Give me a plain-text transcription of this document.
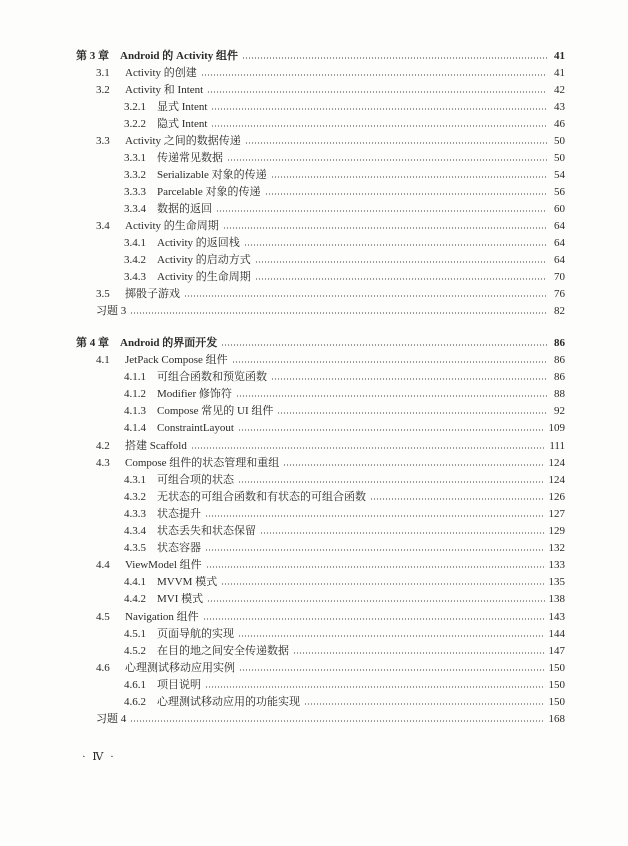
第 3 章	Android 的 Activity 组件	41
3.1	Activity 的创建	41
3.2	Activity 和 Intent	42
3.2.1	显式 Intent	43
3.2.2	隐式 Intent	46
3.3	Activity 之间的数据传递	50
3.3.1	传递常见数据	50
3.3.2	Serializable 对象的传递	54
3.3.3	Parcelable 对象的传递	56
3.3.4	数据的返回	60
3.4	Activity 的生命周期	64
3.4.1	Activity 的返回栈	64
3.4.2	Activity 的启动方式	64
3.4.3	Activity 的生命周期	70
3.5	掷骰子游戏	76
习题 3	82
第 4 章	Android 的界面开发	86
4.1	JetPack Compose 组件	86
4.1.1	可组合函数和预览函数	86
4.1.2	Modifier 修饰符	88
4.1.3	Compose 常见的 UI 组件	92
4.1.4	ConstraintLayout	109
4.2	搭建 Scaffold	111
4.3	Compose 组件的状态管理和重组	124
4.3.1	可组合项的状态	124
4.3.2	无状态的可组合函数和有状态的可组合函数	126
4.3.3	状态提升	127
4.3.4	状态丢失和状态保留	129
4.3.5	状态容器	132
4.4	ViewModel 组件	133
4.4.1	MVVM 模式	135
4.4.2	MVI 模式	138
4.5	Navigation 组件	143
4.5.1	页面导航的实现	144
4.5.2	在目的地之间安全传递数据	147
4.6	心理测试移动应用实例	150
4.6.1	项目说明	150
4.6.2	心理测试移动应用的功能实现	150
习题 4	168
· Ⅳ ·
